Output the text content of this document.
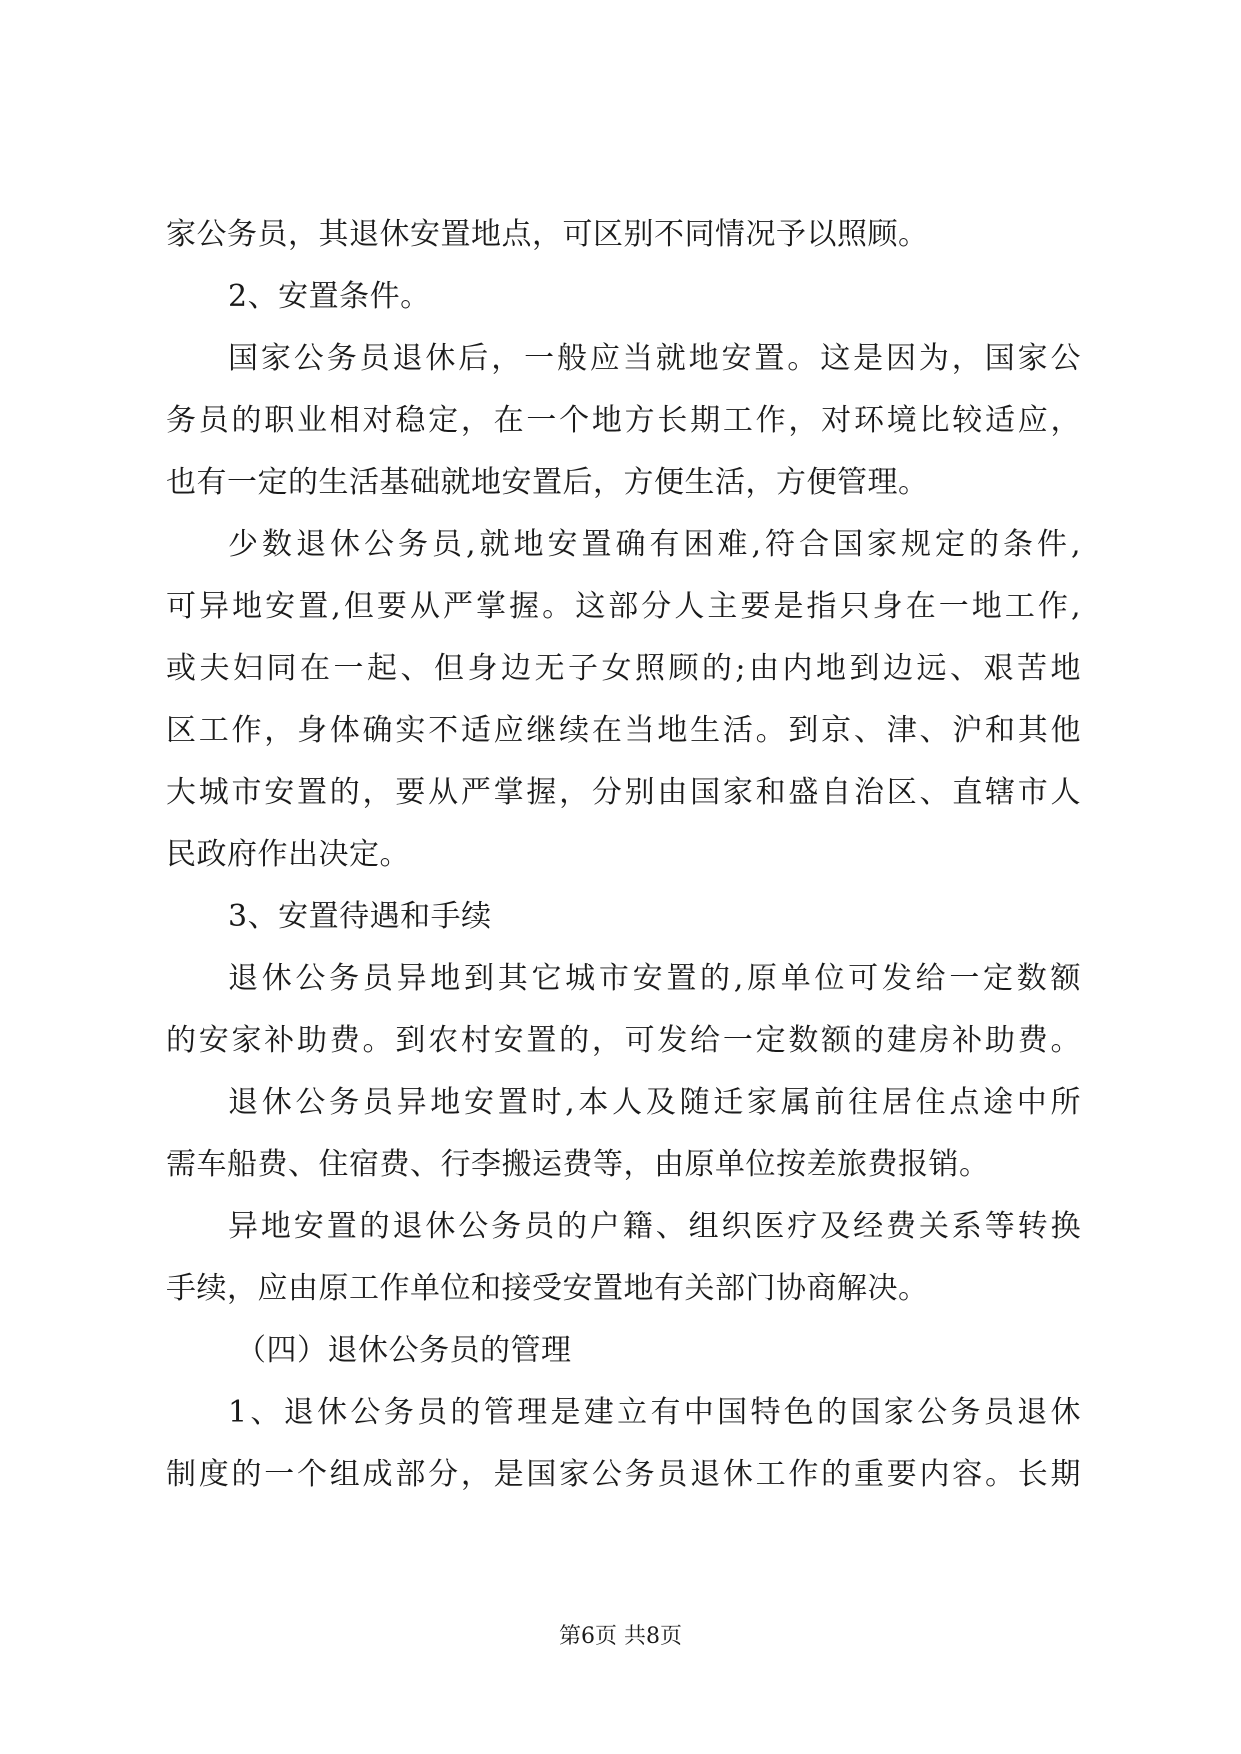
家公务员，其退休安置地点，可区别不同情况予以照顾。
2、安置条件。
国家公务员退休后，一般应当就地安置。这是因为，国家公
务员的职业相对稳定，在一个地方长期工作，对环境比较适应，
也有一定的生活基础就地安置后，方便生活，方便管理。
少数退休公务员,就地安置确有困难,符合国家规定的条件,
可异地安置,但要从严掌握。这部分人主要是指只身在一地工作,
或夫妇同在一起、但身边无子女照顾的;由内地到边远、艰苦地
区工作，身体确实不适应继续在当地生活。到京、津、沪和其他
大城市安置的，要从严掌握，分别由国家和盛自治区、直辖市人
民政府作出决定。
3、安置待遇和手续
退休公务员异地到其它城市安置的,原单位可发给一定数额
的安家补助费。到农村安置的，可发给一定数额的建房补助费。
退休公务员异地安置时,本人及随迁家属前往居住点途中所
需车船费、住宿费、行李搬运费等，由原单位按差旅费报销。
异地安置的退休公务员的户籍、组织医疗及经费关系等转换
手续，应由原工作单位和接受安置地有关部门协商解决。
（四）退休公务员的管理
1、退休公务员的管理是建立有中国特色的国家公务员退休
制度的一个组成部分，是国家公务员退休工作的重要内容。长期
第6页 共8页
